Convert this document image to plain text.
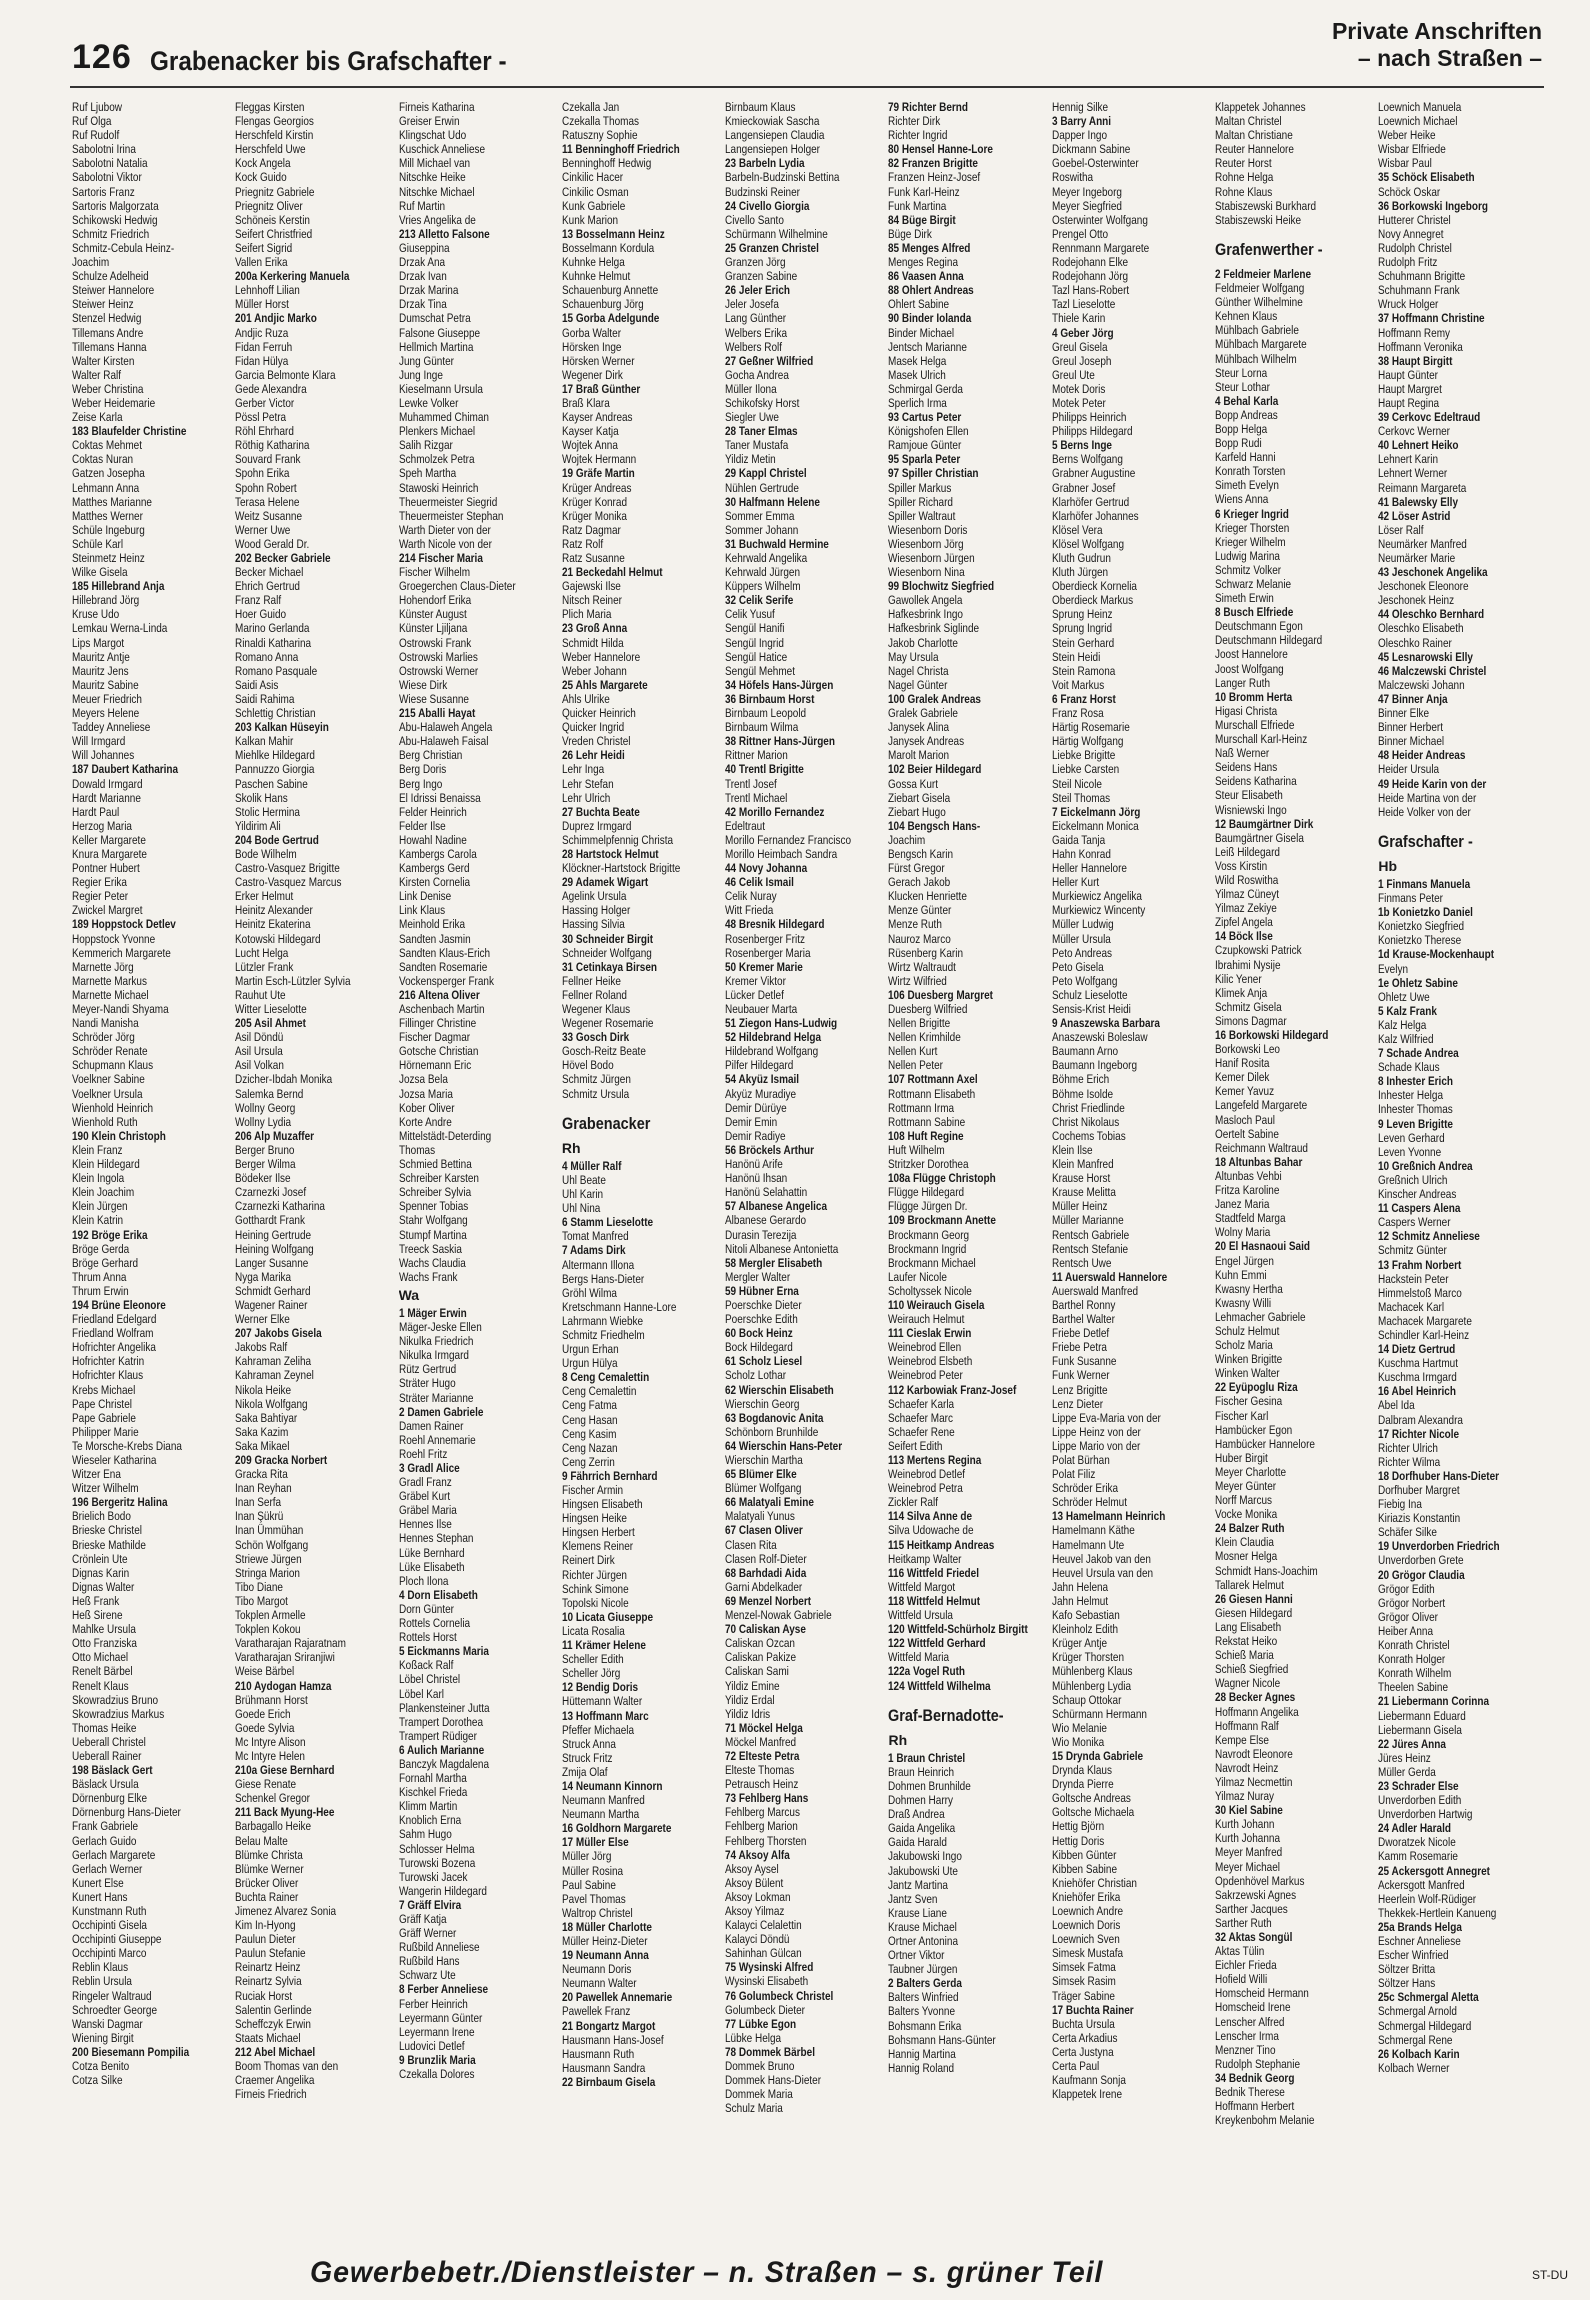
126 Grabenacker bis Grafschafter -
Private Anschriften
– nach Straßen –
Ruf Ljubow
Ruf Olga
Ruf Rudolf
Sabolotni Irina
Sabolotni Natalia
Sabolotni Viktor
Sartoris Franz
Sartoris Malgorzata
Schikowski Hedwig
Schmitz Friedrich
Schmitz-Cebula Heinz-
Joachim
Schulze Adelheid
Steiwer Hannelore
Steiwer Heinz
Stenzel Hedwig
Tillemans Andre
Tillemans Hanna
Walter Kirsten
Walter Ralf
Weber Christina
Weber Heidemarie
Zeise Karla
183 Blaufelder Christine
Coktas Mehmet
Coktas Nuran
Gatzen Josepha
Lehmann Anna
Matthes Marianne
Matthes Werner
Schüle Ingeburg
Schüle Karl
Steinmetz Heinz
Wilke Gisela
185 Hillebrand Anja
Hillebrand Jörg
Kruse Udo
Lemkau Werna-Linda
Lips Margot
Mauritz Antje
Mauritz Jens
Mauritz Sabine
Meuer Friedrich
Meyers Helene
Taddey Anneliese
Will Irmgard
Will Johannes
187 Daubert Katharina
Dowald Irmgard
Hardt Marianne
Hardt Paul
Herzog Maria
Keller Margarete
Knura Margarete
Pontner Hubert
Regier Erika
Regier Peter
Zwickel Margret
189 Hoppstock Detlev
Hoppstock Yvonne
Kemmerich Margarete
Marnette Jörg
Marnette Markus
Marnette Michael
Meyer-Nandi Shyama
Nandi Manisha
Schröder Jörg
Schröder Renate
Schupmann Klaus
Voelkner Sabine
Voelkner Ursula
Wienhold Heinrich
Wienhold Ruth
190 Klein Christoph
Klein Franz
Klein Hildegard
Klein Ingola
Klein Joachim
Klein Jürgen
Klein Katrin
192 Bröge Erika
Bröge Gerda
Bröge Gerhard
Thrum Anna
Thrum Erwin
194 Brüne Eleonore
Friedland Edelgard
Friedland Wolfram
Hofrichter Angelika
Hofrichter Katrin
Hofrichter Klaus
Krebs Michael
Pape Christel
Pape Gabriele
Philipper Marie
Te Morsche-Krebs Diana
Wieseler Katharina
Witzer Ena
Witzer Wilhelm
196 Bergeritz Halina
Brielich Bodo
Brieske Christel
Brieske Mathilde
Crönlein Ute
Dignas Karin
Dignas Walter
Heß Frank
Heß Sirene
Mahlke Ursula
Otto Franziska
Otto Michael
Renelt Bärbel
Renelt Klaus
Skowradzius Bruno
Skowradzius Markus
Thomas Heike
Ueberall Christel
Ueberall Rainer
198 Bäslack Gert
Bäslack Ursula
Dörnenburg Elke
Dörnenburg Hans-Dieter
Frank Gabriele
Gerlach Guido
Gerlach Margarete
Gerlach Werner
Kunert Else
Kunert Hans
Kunstmann Ruth
Occhipinti Gisela
Occhipinti Giuseppe
Occhipinti Marco
Reblin Klaus
Reblin Ursula
Ringeler Waltraud
Schroedter George
Wanski Dagmar
Wiening Birgit
200 Biesemann Pompilia
Cotza Benito
Cotza Silke
Fleggas Kirsten
Flengas Georgios
Herschfeld Kirstin
Herschfeld Uwe
Kock Angela
Kock Guido
Priegnitz Gabriele
Priegnitz Oliver
Schöneis Kerstin
Seifert Christfried
Seifert Sigrid
Vallen Erika
200a Kerkering Manuela
Lehnhoff Lilian
Müller Horst
201 Andjic Marko
Andjic Ruza
Fidan Ferruh
Fidan Hülya
Garcia Belmonte Klara
Gede Alexandra
Gerber Victor
Pössl Petra
Röhl Ehrhard
Röthig Katharina
Souvard Frank
Spohn Erika
Spohn Robert
Terasa Helene
Weitz Susanne
Werner Uwe
Wood Gerald Dr.
202 Becker Gabriele
Becker Michael
Ehrich Gertrud
Franz Ralf
Hoer Guido
Marino Gerlanda
Rinaldi Katharina
Romano Anna
Romano Pasquale
Saidi Asis
Saidi Rahima
Schlettig Christian
203 Kalkan Hüseyin
Kalkan Mahir
Miehlke Hildegard
Pannuzzo Giorgia
Paschen Sabine
Skolik Hans
Stolic Hermina
Yildirim Ali
204 Bode Gertrud
Bode Wilhelm
Castro-Vasquez Brigitte
Castro-Vasquez Marcus
Erker Helmut
Heinitz Alexander
Heinitz Ekaterina
Kotowski Hildegard
Lucht Helga
Lützler Frank
Martin Esch-Lützler Sylvia
Rauhut Ute
Witter Lieselotte
205 Asil Ahmet
Asil Döndü
Asil Ursula
Asil Volkan
Dzicher-Ibdah Monika
Salemka Bernd
Wollny Georg
Wollny Lydia
206 Alp Muzaffer
Berger Bruno
Berger Wilma
Bödeker Ilse
Czarnezki Josef
Czarnezki Katharina
Gotthardt Frank
Heining Gertrude
Heining Wolfgang
Langer Susanne
Nyga Marika
Schmidt Gerhard
Wagener Rainer
Werner Elke
207 Jakobs Gisela
Jakobs Ralf
Kahraman Zeliha
Kahraman Zeynel
Nikola Heike
Nikola Wolfgang
Saka Bahtiyar
Saka Kazim
Saka Mikael
209 Gracka Norbert
Gracka Rita
Inan Reyhan
Inan Serfa
Inan Şükrü
Inan Ümmühan
Schön Wolfgang
Striewe Jürgen
Stringa Marion
Tibo Diane
Tibo Margot
Tokplen Armelle
Tokplen Kokou
Varatharajan Rajaratnam
Varatharajan Sriranjiwi
Weise Bärbel
210 Aydogan Hamza
Brühmann Horst
Goede Erich
Goede Sylvia
Mc Intyre Alison
Mc Intyre Helen
210a Giese Bernhard
Giese Renate
Schenkel Gregor
211 Back Myung-Hee
Barbagallo Heike
Belau Malte
Blümke Christa
Blümke Werner
Brücker Oliver
Buchta Rainer
Jimenez Alvarez Sonia
Kim In-Hyong
Paulun Dieter
Paulun Stefanie
Reinartz Heinz
Reinartz Sylvia
Ruciak Horst
Salentin Gerlinde
Scheffczyk Erwin
Staats Michael
212 Abel Michael
Boom Thomas van den
Craemer Angelika
Firneis Friedrich
Firneis Katharina
Greiser Erwin
Klingschat Udo
Kuschick Anneliese
Mill Michael van
Nitschke Heike
Nitschke Michael
Ruf Martin
Vries Angelika de
213 Alletto Falsone
Giuseppina
Drzak Ana
Drzak Ivan
Drzak Marina
Drzak Tina
Dumschat Petra
Falsone Giuseppe
Hellmich Martina
Jung Günter
Jung Inge
Kieselmann Ursula
Lewke Volker
Muhammed Chiman
Plenkers Michael
Salih Rizgar
Schmolzek Petra
Speh Martha
Stawoski Heinrich
Theuermeister Siegrid
Theuermeister Stephan
Warth Dieter von der
Warth Nicole von der
214 Fischer Maria
Fischer Wilhelm
Groegerchen Claus-Dieter
Hohendorf Erika
Künster August
Künster Ljiljana
Ostrowski Frank
Ostrowski Marlies
Ostrowski Werner
Wiese Dirk
Wiese Susanne
215 Aballi Hayat
Abu-Halaweh Angela
Abu-Halaweh Faisal
Berg Christian
Berg Doris
Berg Ingo
El Idrissi Benaissa
Felder Heinrich
Felder Ilse
Howahl Nadine
Kambergs Carola
Kambergs Gerd
Kirsten Cornelia
Link Denise
Link Klaus
Meinhold Erika
Sandten Jasmin
Sandten Klaus-Erich
Sandten Rosemarie
Vockensperger Frank
216 Altena Oliver
Aschenbach Martin
Fillinger Christine
Fischer Dagmar
Gotsche Christian
Hörnemann Eric
Jozsa Bela
Jozsa Maria
Kober Oliver
Korte Andre
Mittelstädt-Deterding
Thomas
Schmied Bettina
Schreiber Karsten
Schreiber Sylvia
Spenner Tobias
Stahr Wolfgang
Stumpf Martina
Treeck Saskia
Wachs Claudia
Wachs Frank
Wa
1 Mäger Erwin
Mäger-Jeske Ellen
Nikulka Friedrich
Nikulka Irmgard
Rütz Gertrud
Sträter Hugo
Sträter Marianne
2 Damen Gabriele
Damen Rainer
Roehl Annemarie
Roehl Fritz
3 Gradl Alice
Gradl Franz
Gräbel Kurt
Gräbel Maria
Hennes Ilse
Hennes Stephan
Lüke Bernhard
Lüke Elisabeth
Ploch Ilona
4 Dorn Elisabeth
Dorn Günter
Rottels Cornelia
Rottels Horst
5 Eickmanns Maria
Koßack Ralf
Löbel Christel
Löbel Karl
Plankensteiner Jutta
Trampert Dorothea
Trampert Rüdiger
6 Aulich Marianne
Banczyk Magdalena
Fornahl Martha
Kischkel Frieda
Klimm Martin
Knoblich Erna
Sahm Hugo
Schlosser Helma
Turowski Bozena
Turowski Jacek
Wangerin Hildegard
7 Gräff Elvira
Gräff Katja
Gräff Werner
Rußbild Anneliese
Rußbild Hans
Schwarz Ute
8 Ferber Anneliese
Ferber Heinrich
Leyermann Günter
Leyermann Irene
Ludovici Detlef
9 Brunzlik Maria
Czekalla Dolores
Czekalla Jan
Czekalla Thomas
Ratuszny Sophie
11 Benninghoff Friedrich
Benninghoff Hedwig
Cinkilic Hacer
Cinkilic Osman
Kunk Gabriele
Kunk Marion
13 Bosselmann Heinz
Bosselmann Kordula
Kuhnke Helga
Kuhnke Helmut
Schauenburg Annette
Schauenburg Jörg
15 Gorba Adelgunde
Gorba Walter
Hörsken Inge
Hörsken Werner
Wegener Dirk
17 Braß Günther
Braß Klara
Kayser Andreas
Kayser Katja
Wojtek Anna
Wojtek Hermann
19 Gräfe Martin
Krüger Andreas
Krüger Konrad
Krüger Monika
Ratz Dagmar
Ratz Rolf
Ratz Susanne
21 Beckedahl Helmut
Gajewski Ilse
Nitsch Reiner
Plich Maria
23 Groß Anna
Schmidt Hilda
Weber Hannelore
Weber Johann
25 Ahls Margarete
Ahls Ulrike
Quicker Heinrich
Quicker Ingrid
Vreden Christel
26 Lehr Heidi
Lehr Inga
Lehr Stefan
Lehr Ulrich
27 Buchta Beate
Duprez Irmgard
Schimmelpfennig Christa
28 Hartstock Helmut
Klöckner-Hartstock Brigitte
29 Adamek Wigart
Agelink Ursula
Hassing Holger
Hassing Silvia
30 Schneider Birgit
Schneider Wolfgang
31 Cetinkaya Birsen
Fellner Heike
Fellner Roland
Wegener Klaus
Wegener Rosemarie
33 Gosch Dirk
Gosch-Reitz Beate
Hövel Bodo
Schmitz Jürgen
Schmitz Ursula
Grabenacker
Rh
4 Müller Ralf
Uhl Beate
Uhl Karin
Uhl Nina
6 Stamm Lieselotte
Tomat Manfred
7 Adams Dirk
Altermann Illona
Bergs Hans-Dieter
Gröhl Wilma
Kretschmann Hanne-Lore
Lahrmann Wiebke
Schmitz Friedhelm
Urgun Erhan
Urgun Hülya
8 Ceng Cemalettin
Ceng Cemalettin
Ceng Fatma
Ceng Hasan
Ceng Kasim
Ceng Nazan
Ceng Zerrin
9 Fährrich Bernhard
Fischer Armin
Hingsen Elisabeth
Hingsen Heike
Hingsen Herbert
Klemens Reiner
Reinert Dirk
Richter Jürgen
Schink Simone
Topolski Nicole
10 Licata Giuseppe
Licata Rosalia
11 Krämer Helene
Scheller Edith
Scheller Jörg
12 Bendig Doris
Hüttemann Walter
13 Hoffmann Marc
Pfeffer Michaela
Struck Anna
Struck Fritz
Zmija Olaf
14 Neumann Kinnorn
Neumann Manfred
Neumann Martha
16 Goldhorn Margarete
17 Müller Else
Müller Jörg
Müller Rosina
Paul Sabine
Pavel Thomas
Waltrop Christel
18 Müller Charlotte
Müller Heinz-Dieter
19 Neumann Anna
Neumann Doris
Neumann Walter
20 Pawellek Annemarie
Pawellek Franz
21 Bongartz Margot
Hausmann Hans-Josef
Hausmann Ruth
Hausmann Sandra
22 Birnbaum Gisela
Birnbaum Klaus
Kmieckowiak Sascha
Langensiepen Claudia
Langensiepen Holger
23 Barbeln Lydia
Barbeln-Budzinski Bettina
Budzinski Reiner
24 Civello Giorgia
Civello Santo
Schürmann Wilhelmine
25 Granzen Christel
Granzen Jörg
Granzen Sabine
26 Jeler Erich
Jeler Josefa
Lang Günther
Welbers Erika
Welbers Rolf
27 Geßner Wilfried
Gocha Andrea
Müller Ilona
Schikofsky Horst
Siegler Uwe
28 Taner Elmas
Taner Mustafa
Yildiz Metin
29 Kappl Christel
Nühlen Gertrude
30 Halfmann Helene
Sommer Emma
Sommer Johann
31 Buchwald Hermine
Kehrwald Angelika
Kehrwald Jürgen
Küppers Wilhelm
32 Celik Serife
Celik Yusuf
Sengül Hanifi
Sengül Ingrid
Sengül Hatice
Sengül Mehmet
34 Höfels Hans-Jürgen
36 Birnbaum Horst
Birnbaum Leopold
Birnbaum Wilma
38 Rittner Hans-Jürgen
Rittner Marion
40 Trentl Brigitte
Trentl Josef
Trentl Michael
42 Morillo Fernandez
Edeltraut
Morillo Fernandez Francisco
Morillo Heimbach Sandra
44 Novy Johanna
46 Celik Ismail
Celik Nuray
Witt Frieda
48 Bresnik Hildegard
Rosenberger Fritz
Rosenberger Maria
50 Kremer Marie
Kremer Viktor
Lücker Detlef
Neubauer Marta
51 Ziegon Hans-Ludwig
52 Hildebrand Helga
Hildebrand Wolfgang
Pilfer Hildegard
54 Akyüz Ismail
Akyüz Muradiye
Demir Dürüye
Demir Emin
Demir Radiye
56 Bröckels Arthur
Hanönü Arife
Hanönü Ihsan
Hanönü Selahattin
57 Albanese Angelica
Albanese Gerardo
Durasin Terezija
Nitoli Albanese Antonietta
58 Mergler Elisabeth
Mergler Walter
59 Hübner Erna
Poerschke Dieter
Poerschke Edith
60 Bock Heinz
Bock Hildegard
61 Scholz Liesel
Scholz Lothar
62 Wierschin Elisabeth
Wierschin Georg
63 Bogdanovic Anita
Schönborn Brunhilde
64 Wierschin Hans-Peter
Wierschin Martha
65 Blümer Elke
Blümer Wolfgang
66 Malatyali Emine
Malatyali Yunus
67 Clasen Oliver
Clasen Rita
Clasen Rolf-Dieter
68 Barhdadi Aida
Garni Abdelkader
69 Menzel Norbert
Menzel-Nowak Gabriele
70 Caliskan Ayse
Caliskan Ozcan
Caliskan Pakize
Caliskan Sami
Yildiz Emine
Yildiz Erdal
Yildiz Idris
71 Möckel Helga
Möckel Manfred
72 Elteste Petra
Elteste Thomas
Petrausch Heinz
73 Fehlberg Hans
Fehlberg Marcus
Fehlberg Marion
Fehlberg Thorsten
74 Aksoy Alfa
Aksoy Aysel
Aksoy Bülent
Aksoy Lokman
Aksoy Yilmaz
Kalayci Celalettin
Kalayci Döndü
Sahinhan Gülcan
75 Wysinski Alfred
Wysinski Elisabeth
76 Golumbeck Christel
Golumbeck Dieter
77 Lübke Egon
Lübke Helga
78 Dommek Bärbel
Dommek Bruno
Dommek Hans-Dieter
Dommek Maria
Schulz Maria
79 Richter Bernd
Richter Dirk
Richter Ingrid
80 Hensel Hanne-Lore
82 Franzen Brigitte
Franzen Heinz-Josef
Funk Karl-Heinz
Funk Martina
84 Büge Birgit
Büge Dirk
85 Menges Alfred
Menges Regina
86 Vaasen Anna
88 Ohlert Andreas
Ohlert Sabine
90 Binder Iolanda
Binder Michael
Jentsch Marianne
Masek Helga
Masek Ulrich
Schmirgal Gerda
Sperlich Irma
93 Cartus Peter
Königshofen Ellen
Ramjoue Günter
95 Sparla Peter
97 Spiller Christian
Spiller Markus
Spiller Richard
Spiller Waltraut
Wiesenborn Doris
Wiesenborn Jörg
Wiesenborn Jürgen
Wiesenborn Nina
99 Blochwitz Siegfried
Gawollek Angela
Hafkesbrink Ingo
Hafkesbrink Siglinde
Jakob Charlotte
May Ursula
Nagel Christa
Nagel Günter
100 Gralek Andreas
Gralek Gabriele
Janysek Alina
Janysek Andreas
Marolt Marion
102 Beier Hildegard
Gossa Kurt
Ziebart Gisela
Ziebart Hugo
104 Bengsch Hans-
Joachim
Bengsch Karin
Fürst Gregor
Gerach Jakob
Klucken Henriette
Menze Günter
Menze Ruth
Nauroz Marco
Rüsenberg Karin
Wirtz Waltraudt
Wirtz Wilfried
106 Duesberg Margret
Duesberg Wilfried
Nellen Brigitte
Nellen Krimhilde
Nellen Kurt
Nellen Peter
107 Rottmann Axel
Rottmann Elisabeth
Rottmann Irma
Rottmann Sabine
108 Huft Regine
Huft Wilhelm
Stritzker Dorothea
108a Flügge Christoph
Flügge Hildegard
Flügge Jürgen Dr.
109 Brockmann Anette
Brockmann Georg
Brockmann Ingrid
Brockmann Michael
Laufer Nicole
Scholtyssek Nicole
110 Weirauch Gisela
Weirauch Helmut
111 Cieslak Erwin
Weinebrod Ellen
Weinebrod Elsbeth
Weinebrod Peter
112 Karbowiak Franz-Josef
Schaefer Karla
Schaefer Marc
Schaefer Rene
Seifert Edith
113 Mertens Regina
Weinebrod Detlef
Weinebrod Petra
Zickler Ralf
114 Silva Anne de
Silva Udowache de
115 Heitkamp Andreas
Heitkamp Walter
116 Wittfeld Friedel
Wittfeld Margot
118 Wittfeld Helmut
Wittfeld Ursula
120 Wittfeld-Schürholz Birgitt
122 Wittfeld Gerhard
Wittfeld Maria
122a Vogel Ruth
124 Wittfeld Wilhelma
Graf-Bernadotte-
Rh
1 Braun Christel
Braun Heinrich
Dohmen Brunhilde
Dohmen Harry
Draß Andrea
Gaida Angelika
Gaida Harald
Jakubowski Ingo
Jakubowski Ute
Jantz Martina
Jantz Sven
Krause Liane
Krause Michael
Ortner Antonina
Ortner Viktor
Taubner Jürgen
2 Balters Gerda
Balters Winfried
Balters Yvonne
Bohsmann Erika
Bohsmann Hans-Günter
Hannig Martina
Hannig Roland
Hennig Silke
3 Barry Anni
Dapper Ingo
Dickmann Sabine
Goebel-Osterwinter
Roswitha
Meyer Ingeborg
Meyer Siegfried
Osterwinter Wolfgang
Prengel Otto
Rennmann Margarete
Rodejohann Elke
Rodejohann Jörg
Tazl Hans-Robert
Tazl Lieselotte
Thiele Karin
4 Geber Jörg
Greul Gisela
Greul Joseph
Greul Ute
Motek Doris
Motek Peter
Philipps Heinrich
Philipps Hildegard
5 Berns Inge
Berns Wolfgang
Grabner Augustine
Grabner Josef
Klarhöfer Gertrud
Klarhöfer Johannes
Klösel Vera
Klösel Wolfgang
Kluth Gudrun
Kluth Jürgen
Oberdieck Kornelia
Oberdieck Markus
Sprung Heinz
Sprung Ingrid
Stein Gerhard
Stein Heidi
Stein Ramona
Voit Markus
6 Franz Horst
Franz Rosa
Härtig Rosemarie
Härtig Wolfgang
Liebke Brigitte
Liebke Carsten
Steil Nicole
Steil Thomas
7 Eickelmann Jörg
Eickelmann Monica
Gaida Tanja
Hahn Konrad
Heller Hannelore
Heller Kurt
Murkiewicz Angelika
Murkiewicz Wincenty
Müller Ludwig
Müller Ursula
Peto Andreas
Peto Gisela
Peto Wolfgang
Schulz Lieselotte
Sensis-Krist Heidi
9 Anaszewska Barbara
Anaszewski Boleslaw
Baumann Arno
Baumann Ingeborg
Böhme Erich
Böhme Isolde
Christ Friedlinde
Christ Nikolaus
Cochems Tobias
Klein Ilse
Klein Manfred
Krause Horst
Krause Melitta
Müller Heinz
Müller Marianne
Rentsch Gabriele
Rentsch Stefanie
Rentsch Uwe
11 Auerswald Hannelore
Auerswald Manfred
Barthel Ronny
Barthel Walter
Friebe Detlef
Friebe Petra
Funk Susanne
Funk Werner
Lenz Brigitte
Lenz Dieter
Lippe Eva-Maria von der
Lippe Heinz von der
Lippe Mario von der
Polat Bürhan
Polat Filiz
Schröder Erika
Schröder Helmut
13 Hamelmann Heinrich
Hamelmann Käthe
Hamelmann Ute
Heuvel Jakob van den
Heuvel Ursula van den
Jahn Helena
Jahn Helmut
Kafo Sebastian
Kleinholz Edith
Krüger Antje
Krüger Thorsten
Mühlenberg Klaus
Mühlenberg Lydia
Schaup Ottokar
Schürmann Hermann
Wio Melanie
Wio Monika
15 Drynda Gabriele
Drynda Klaus
Drynda Pierre
Goltsche Andreas
Goltsche Michaela
Hettig Björn
Hettig Doris
Kibben Günter
Kibben Sabine
Kniehöfer Christian
Kniehöfer Erika
Loewnich Andre
Loewnich Doris
Loewnich Sven
Simesk Mustafa
Simsek Fatma
Simsek Rasim
Träger Sabine
17 Buchta Rainer
Buchta Ursula
Certa Arkadius
Certa Justyna
Certa Paul
Kaufmann Sonja
Klappetek Irene
Klappetek Johannes
Maltan Christel
Maltan Christiane
Reuter Hannelore
Reuter Horst
Rohne Helga
Rohne Klaus
Stabiszewski Burkhard
Stabiszewski Heike
Grafenwerther -
2 Feldmeier Marlene
Feldmeier Wolfgang
Günther Wilhelmine
Kehnen Klaus
Mühlbach Gabriele
Mühlbach Margarete
Mühlbach Wilhelm
Steur Lorna
Steur Lothar
4 Behal Karla
Bopp Andreas
Bopp Helga
Bopp Rudi
Karfeld Hanni
Konrath Torsten
Simeth Evelyn
Wiens Anna
6 Krieger Ingrid
Krieger Thorsten
Krieger Wilhelm
Ludwig Marina
Schmitz Volker
Schwarz Melanie
Simeth Erwin
8 Busch Elfriede
Deutschmann Egon
Deutschmann Hildegard
Joost Hannelore
Joost Wolfgang
Langer Ruth
10 Bromm Herta
Higasi Christa
Murschall Elfriede
Murschall Karl-Heinz
Naß Werner
Seidens Hans
Seidens Katharina
Steur Elisabeth
Wisniewski Ingo
12 Baumgärtner Dirk
Baumgärtner Gisela
Leiß Hildegard
Voss Kirstin
Wild Roswitha
Yilmaz Cüneyt
Yilmaz Zekiye
Zipfel Angela
14 Böck Ilse
Czupkowski Patrick
Ibrahimi Nysije
Kilic Yener
Klimek Anja
Schmitz Gisela
Simons Dagmar
16 Borkowski Hildegard
Borkowski Leo
Hanif Rosita
Kemer Dilek
Kemer Yavuz
Langefeld Margarete
Masloch Paul
Oertelt Sabine
Reichmann Waltraud
18 Altunbas Bahar
Altunbas Vehbi
Fritza Karoline
Janez Maria
Stadtfeld Marga
Wolny Maria
20 El Hasnaoui Said
Engel Jürgen
Kuhn Emmi
Kwasny Hertha
Kwasny Willi
Lehmacher Gabriele
Schulz Helmut
Scholz Maria
Winken Brigitte
Winken Walter
22 Eyüpoglu Riza
Fischer Gesina
Fischer Karl
Hambücker Egon
Hambücker Hannelore
Huber Birgit
Meyer Charlotte
Meyer Günter
Norff Marcus
Vocke Monika
24 Balzer Ruth
Klein Claudia
Mosner Helga
Schmidt Hans-Joachim
Tallarek Helmut
26 Giesen Hanni
Giesen Hildegard
Lang Elisabeth
Rekstat Heiko
Schieß Maria
Schieß Siegfried
Wagner Nicole
28 Becker Agnes
Hoffmann Angelika
Hoffmann Ralf
Kempe Else
Navrodt Eleonore
Navrodt Heinz
Yilmaz Necmettin
Yilmaz Nuray
30 Kiel Sabine
Kurth Johann
Kurth Johanna
Meyer Manfred
Meyer Michael
Opdenhövel Markus
Sakrzewski Agnes
Sarther Jacques
Sarther Ruth
32 Aktas Songül
Aktas Tülin
Eichler Frieda
Hofield Willi
Homscheid Hermann
Homscheid Irene
Lenscher Alfred
Lenscher Irma
Menzner Tino
Rudolph Stephanie
34 Bednik Georg
Bednik Therese
Hoffmann Herbert
Kreykenbohm Melanie
Loewnich Manuela
Loewnich Michael
Weber Heike
Wisbar Elfriede
Wisbar Paul
35 Schöck Elisabeth
Schöck Oskar
36 Borkowski Ingeborg
Hutterer Christel
Novy Annegret
Rudolph Christel
Rudolph Fritz
Schuhmann Brigitte
Schuhmann Frank
Wruck Holger
37 Hoffmann Christine
Hoffmann Remy
Hoffmann Veronika
38 Haupt Birgitt
Haupt Günter
Haupt Margret
Haupt Regina
39 Cerkovc Edeltraud
Cerkovc Werner
40 Lehnert Heiko
Lehnert Karin
Lehnert Werner
Reimann Margareta
41 Balewsky Elly
42 Löser Astrid
Löser Ralf
Neumärker Manfred
Neumärker Marie
43 Jeschonek Angelika
Jeschonek Eleonore
Jeschonek Heinz
44 Oleschko Bernhard
Oleschko Elisabeth
Oleschko Rainer
45 Lesnarowski Elly
46 Malczewski Christel
Malczewski Johann
47 Binner Anja
Binner Elke
Binner Herbert
Binner Michael
48 Heider Andreas
Heider Ursula
49 Heide Karin von der
Heide Martina von der
Heide Volker von der
Grafschafter -
Hb
1 Finmans Manuela
Finmans Peter
1b Konietzko Daniel
Konietzko Siegfried
Konietzko Therese
1d Krause-Mockenhaupt
Evelyn
1e Ohletz Sabine
Ohletz Uwe
5 Kalz Frank
Kalz Helga
Kalz Wilfried
7 Schade Andrea
Schade Klaus
8 Inhester Erich
Inhester Helga
Inhester Thomas
9 Leven Brigitte
Leven Gerhard
Leven Yvonne
10 Greßnich Andrea
Greßnich Ulrich
Kinscher Andreas
11 Caspers Alena
Caspers Werner
12 Schmitz Anneliese
Schmitz Günter
13 Frahm Norbert
Hackstein Peter
Himmelstoß Marco
Machacek Karl
Machacek Margarete
Schindler Karl-Heinz
14 Dietz Gertrud
Kuschma Hartmut
Kuschma Irmgard
16 Abel Heinrich
Abel Ida
Dalbram Alexandra
17 Richter Nicole
Richter Ulrich
Richter Wilma
18 Dorfhuber Hans-Dieter
Dorfhuber Margret
Fiebig Ina
Kiriazis Konstantin
Schäfer Silke
19 Unverdorben Friedrich
Unverdorben Grete
20 Grögor Claudia
Grögor Edith
Grögor Norbert
Grögor Oliver
Heiber Anna
Konrath Christel
Konrath Holger
Konrath Wilhelm
Theelen Sabine
21 Liebermann Corinna
Liebermann Eduard
Liebermann Gisela
22 Jüres Anna
Jüres Heinz
Müller Gerda
23 Schrader Else
Unverdorben Edith
Unverdorben Hartwig
24 Adler Harald
Dworatzek Nicole
Kamm Rosemarie
25 Ackersgott Annegret
Ackersgott Manfred
Heerlein Wolf-Rüdiger
Thekkek-Hertlein Kanueng
25a Brands Helga
Eschner Anneliese
Escher Winfried
Söltzer Britta
Söltzer Hans
25c Schmergal Aletta
Schmergal Arnold
Schmergal Hildegard
Schmergal Rene
26 Kolbach Karin
Kolbach Werner
Gewerbebetr./Dienstleister – n. Straßen – s. grüner Teil	ST-DU
